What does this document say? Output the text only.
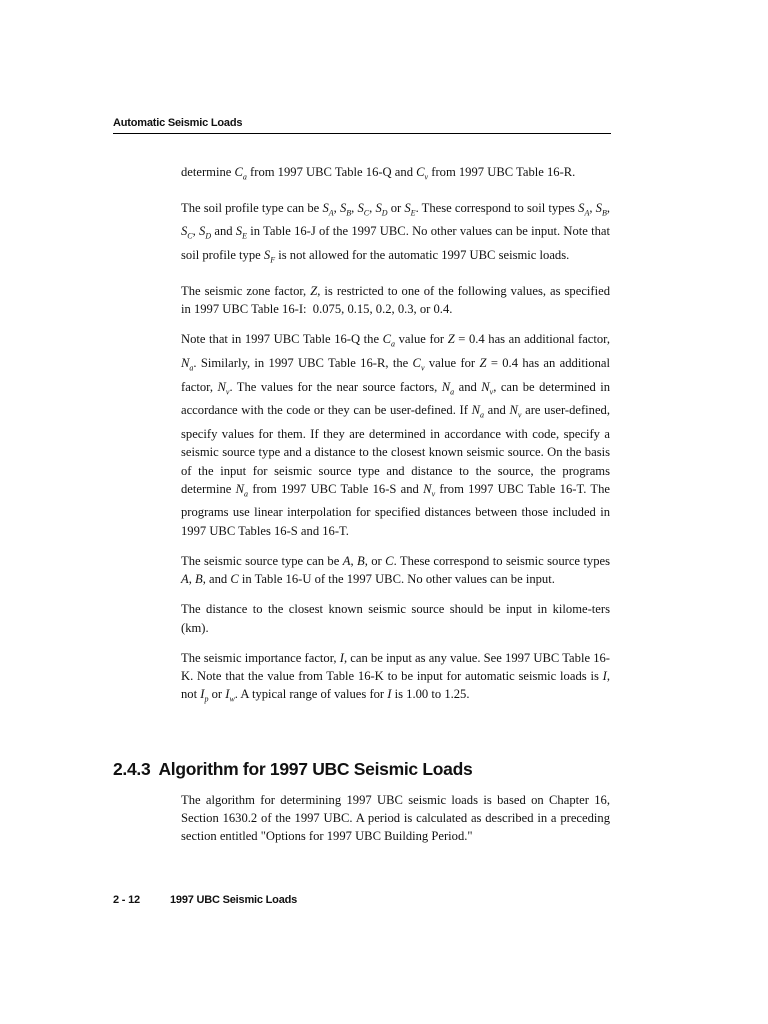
Automatic Seismic Loads

determine $C_a$ from 1997 UBC Table 16-Q and $C_v$ from 1997 UBC Table 16-R.

The soil profile type can be $S_A$, $S_B$, $S_C$, $S_D$ or $S_E$. These correspond to soil types $S_A$, $S_B$, $S_C$, $S_D$ and $S_E$ in Table 16-J of the 1997 UBC. No other values can be input. Note that soil profile type $S_F$ is not allowed for the automatic 1997 UBC seismic loads.

The seismic zone factor, Z, is restricted to one of the following values, as specified in 1997 UBC Table 16-I:  0.075, 0.15, 0.2, 0.3, or 0.4.

Note that in 1997 UBC Table 16-Q the $C_a$ value for Z = 0.4 has an additional factor, $N_a$. Similarly, in 1997 UBC Table 16-R, the $C_v$ value for Z = 0.4 has an additional factor, $N_v$. The values for the near source factors, $N_a$ and $N_v$, can be determined in accordance with the code or they can be user-defined. If $N_a$ and $N_v$ are user-defined, specify values for them. If they are determined in accordance with code, specify a seismic source type and a distance to the closest known seismic source. On the basis of the input for seismic source type and distance to the source, the programs determine $N_a$ from 1997 UBC Table 16-S and $N_v$ from 1997 UBC Table 16-T. The programs use linear interpolation for specified distances between those included in 1997 UBC Tables 16-S and 16-T.

The seismic source type can be A, B, or C. These correspond to seismic source types A, B, and C in Table 16-U of the 1997 UBC. No other values can be input.

The distance to the closest known seismic source should be input in kilome-ters (km).

The seismic importance factor, I, can be input as any value. See 1997 UBC Table 16-K. Note that the value from Table 16-K to be input for automatic seismic loads is I, not $I_p$ or $I_w$. A typical range of values for I is 1.00 to 1.25.

2.4.3 Algorithm for 1997 UBC Seismic Loads

The algorithm for determining 1997 UBC seismic loads is based on Chapter 16, Section 1630.2 of the 1997 UBC. A period is calculated as described in a preceding section entitled "Options for 1997 UBC Building Period."

2 - 12	1997 UBC Seismic Loads
